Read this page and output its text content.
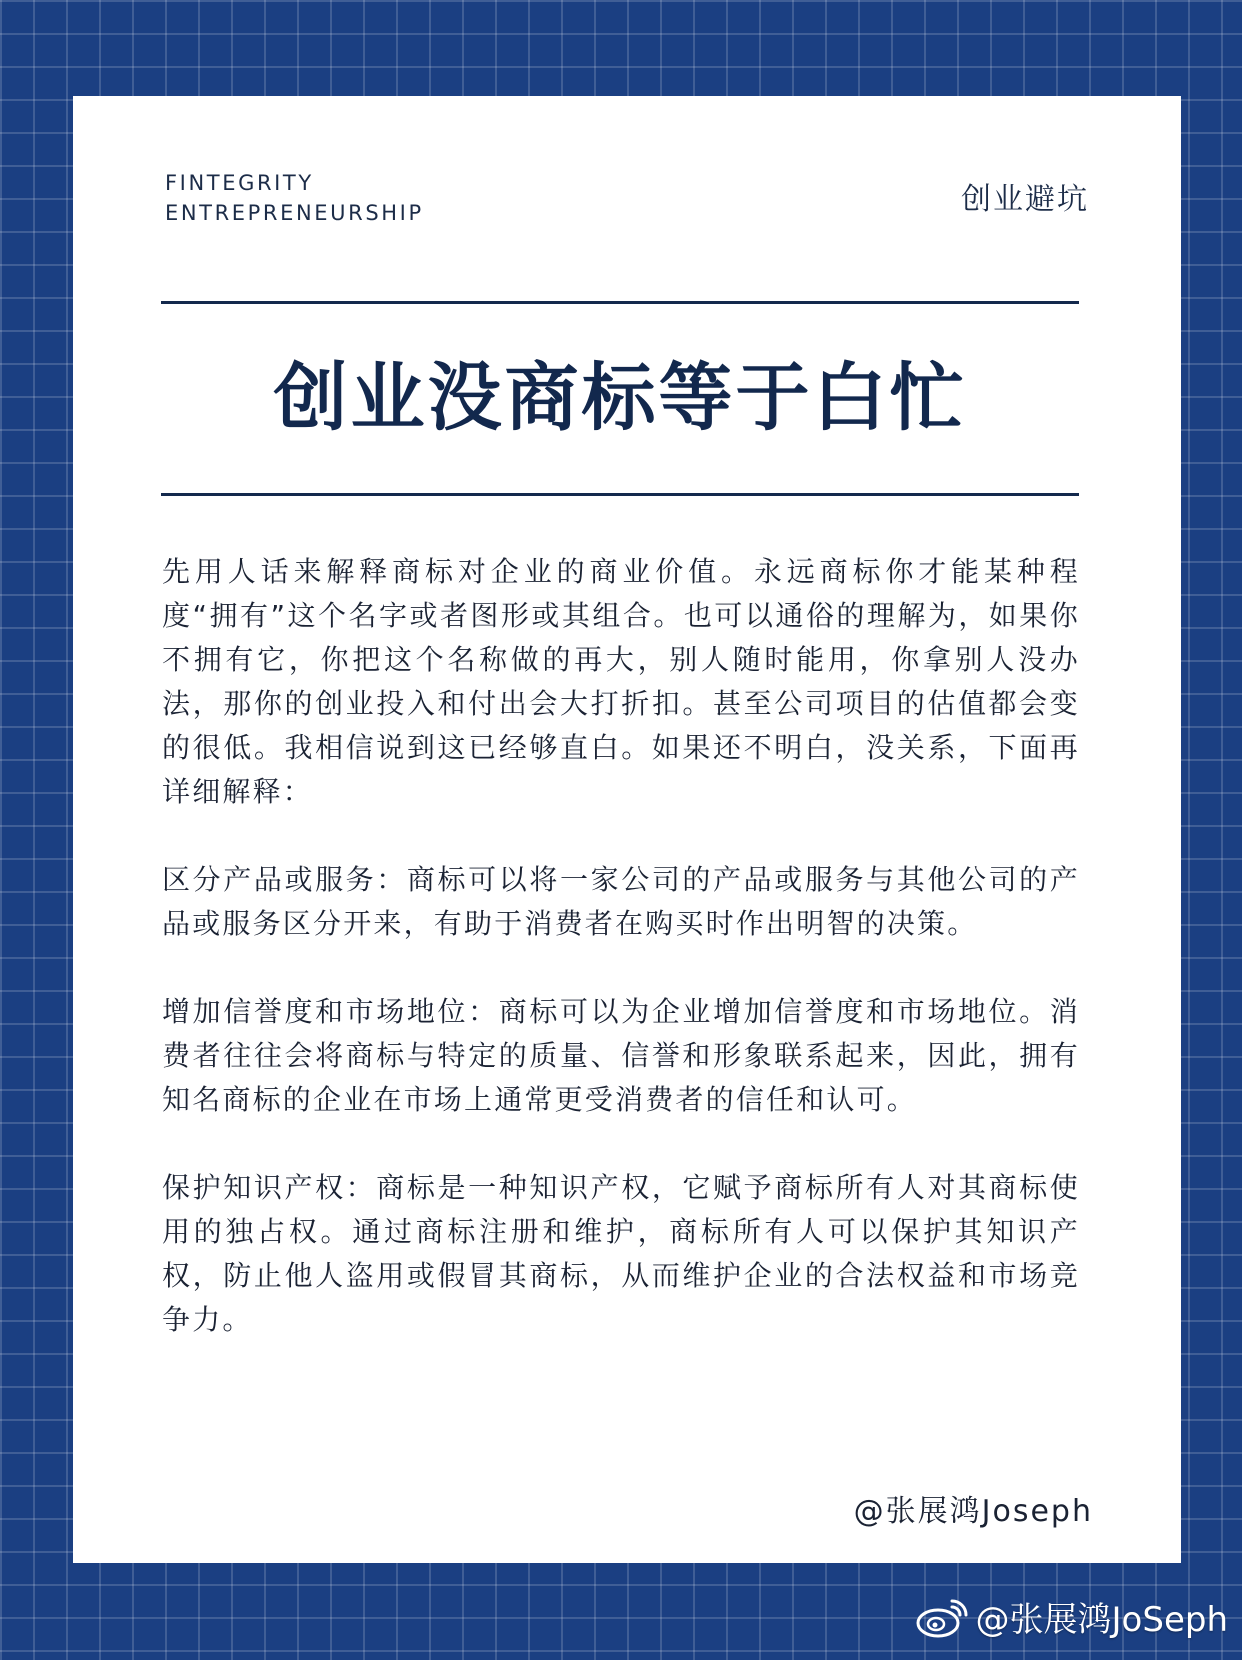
FINTEGRITY
ENTREPRENEURSHIP	创业避坑
创业没商标等于白忙

先用人话来解释商标对企业的商业价值。永远商标你才能某种程度“拥有”这个名字或者图形或其组合。也可以通俗的理解为，如果你不拥有它，你把这个名称做的再大，别人随时能用，你拿别人没办法，那你的创业投入和付出会大打折扣。甚至公司项目的估值都会变的很低。我相信说到这已经够直白。如果还不明白，没关系，下面再详细解释：

区分产品或服务：商标可以将一家公司的产品或服务与其他公司的产品或服务区分开来，有助于消费者在购买时作出明智的决策。

增加信誉度和市场地位：商标可以为企业增加信誉度和市场地位。消费者往往会将商标与特定的质量、信誉和形象联系起来，因此，拥有知名商标的企业在市场上通常更受消费者的信任和认可。

保护知识产权：商标是一种知识产权，它赋予商标所有人对其商标使用的独占权。通过商标注册和维护，商标所有人可以保护其知识产权，防止他人盗用或假冒其商标，从而维护企业的合法权益和市场竞争力。

@张展鸿Joseph
@张展鸿JoSeph
